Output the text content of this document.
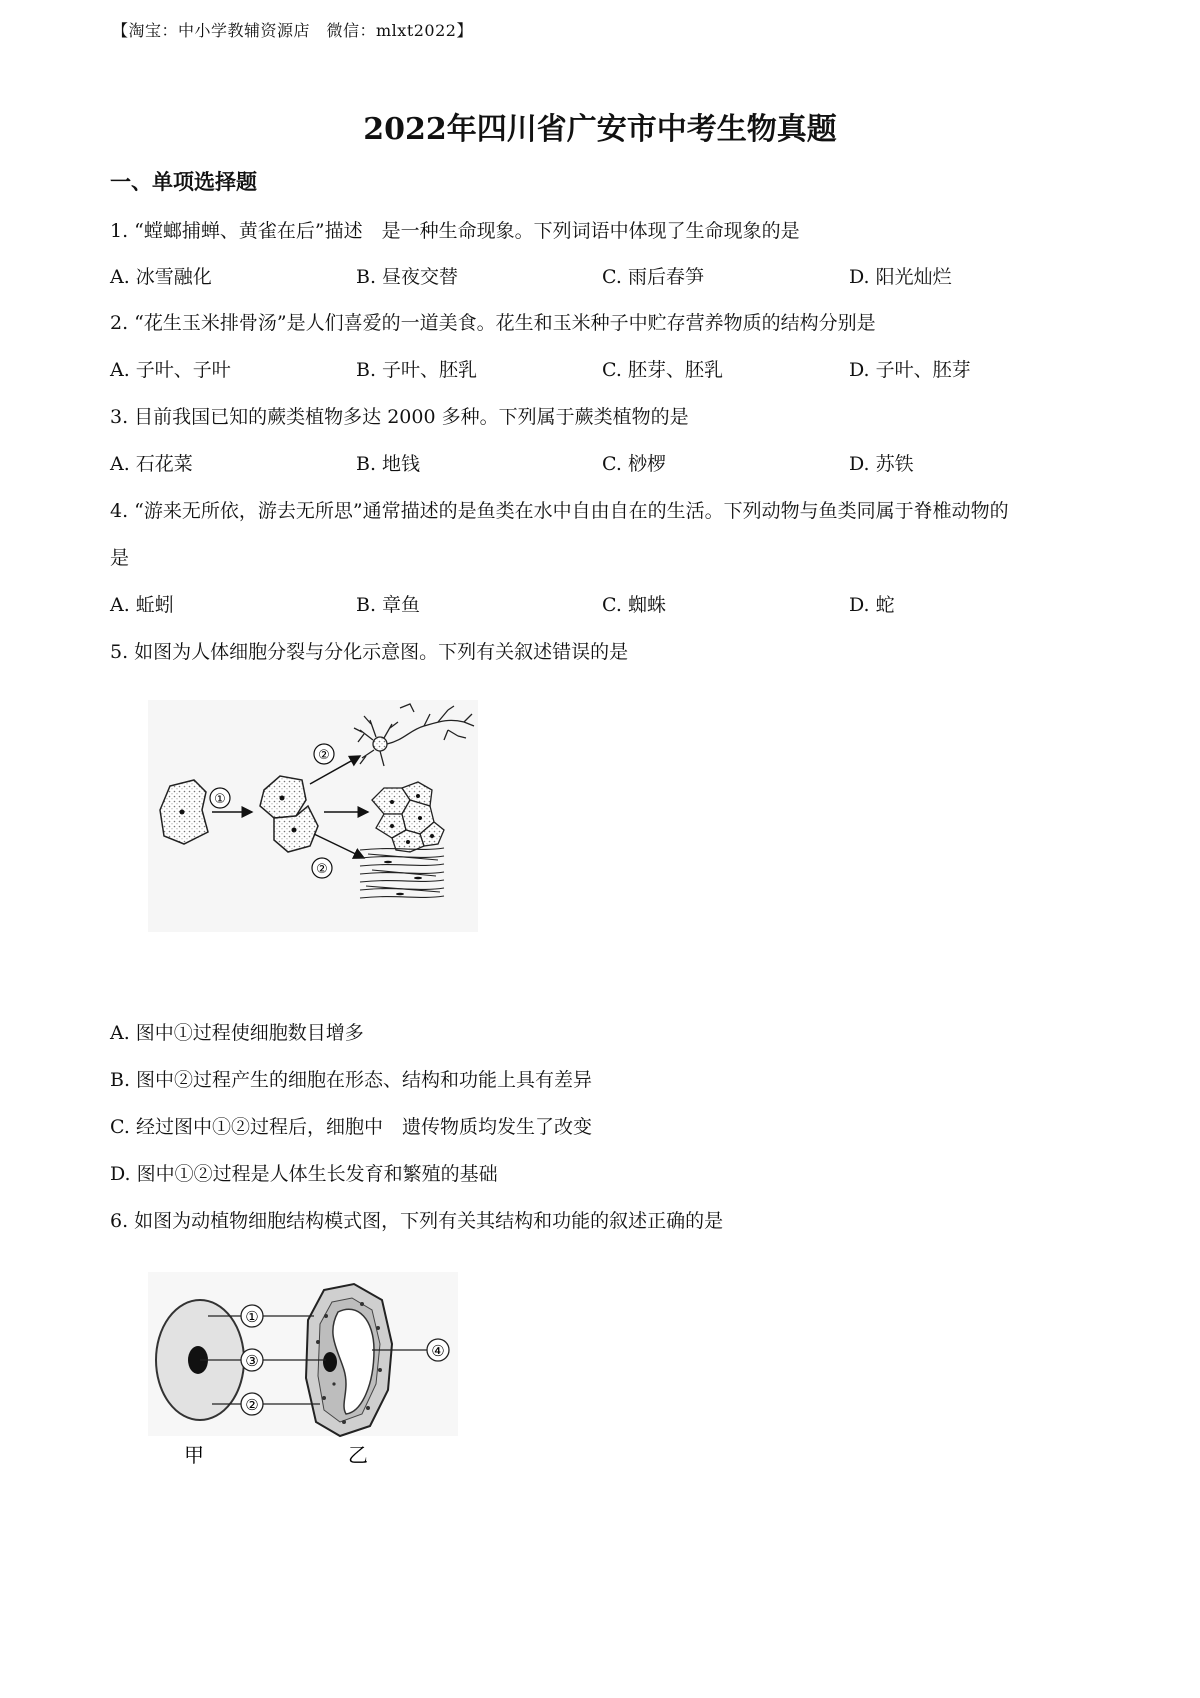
【淘宝：中小学教辅资源店　微信：mlxt2022】
2022年四川省广安市中考生物真题
一、单项选择题
1. “螳螂捕蝉、黄雀在后”描述　是一种生命现象。下列词语中体现了生命现象的是
A. 冰雪融化	B. 昼夜交替	C. 雨后春笋	D. 阳光灿烂
2. “花生玉米排骨汤”是人们喜爱的一道美食。花生和玉米种子中贮存营养物质的结构分别是
A. 子叶、子叶	B. 子叶、胚乳	C. 胚芽、胚乳	D. 子叶、胚芽
3. 目前我国已知的蕨类植物多达 2000 多种。下列属于蕨类植物的是
A. 石花菜	B. 地钱	C. 桫椤	D. 苏铁
4. “游来无所依，游去无所思”通常描述的是鱼类在水中自由自在的生活。下列动物与鱼类同属于脊椎动物的
是
A. 蚯蚓	B. 章鱼	C. 蜘蛛	D. 蛇
5. 如图为人体细胞分裂与分化示意图。下列有关叙述错误的是
①
②
②
A. 图中①过程使细胞数目增多
B. 图中②过程产生的细胞在形态、结构和功能上具有差异
C. 经过图中①②过程后，细胞中　遗传物质均发生了改变
D. 图中①②过程是人体生长发育和繁殖的基础
6. 如图为动植物细胞结构模式图，下列有关其结构和功能的叙述正确的是
①
③
②
④
甲	乙
